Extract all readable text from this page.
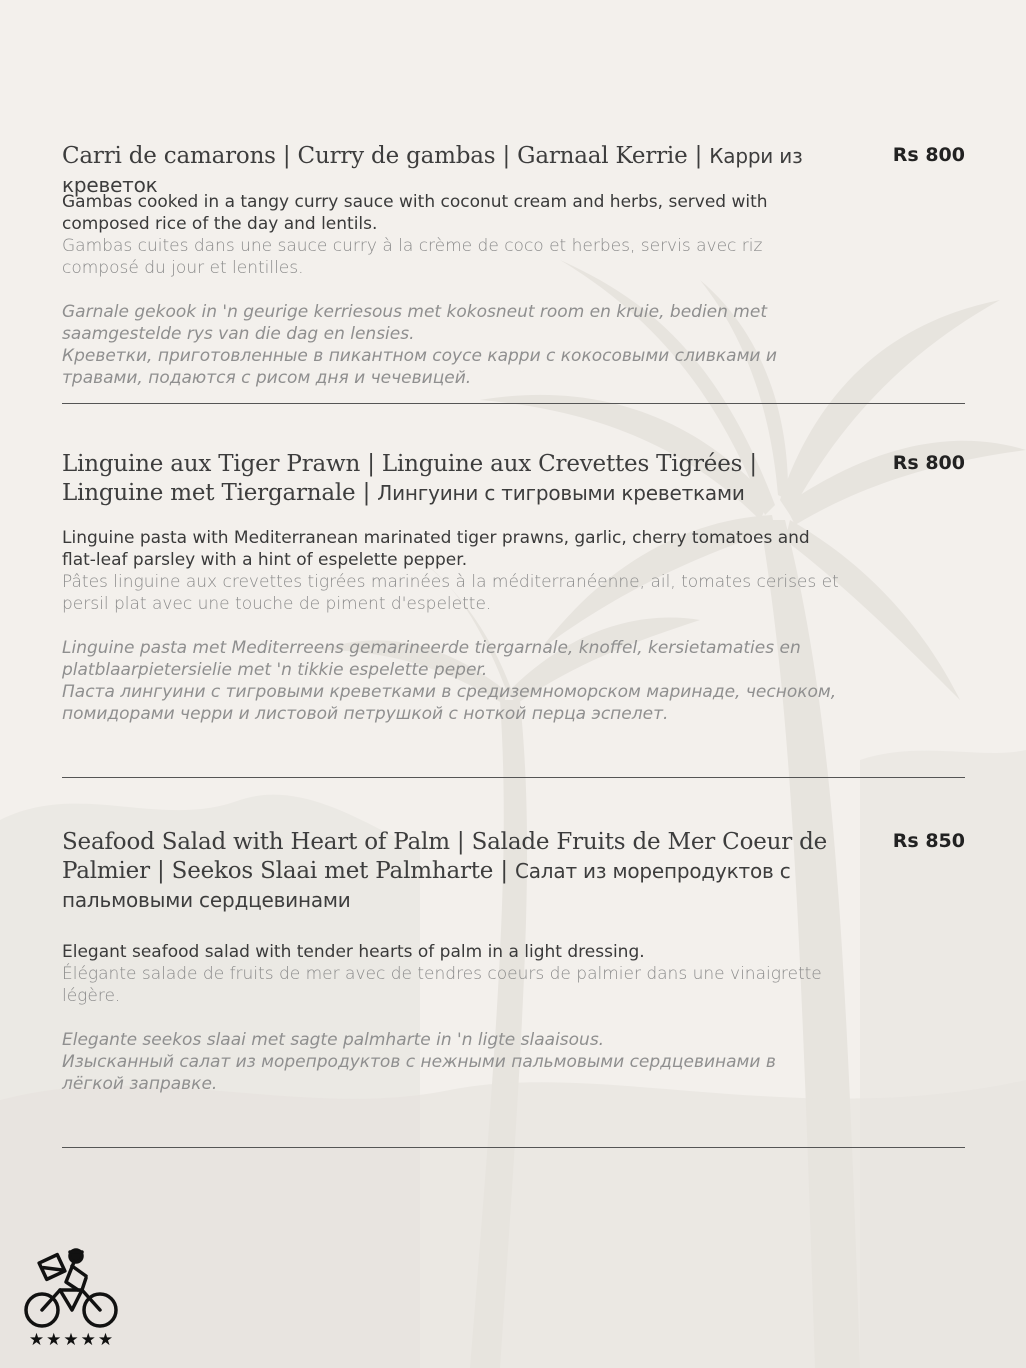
Carri de camarons | Curry de gambas | Garnaal Kerrie | Карри из креветок
Rs 800
Gambas cooked in a tangy curry sauce with coconut cream and herbs, served with composed rice of the day and lentils.
Gambas cuites dans une sauce curry à la crème de coco et herbes, servis avec riz composé du jour et lentilles.
Garnale gekook in 'n geurige kerriesous met kokosneut room en kruie, bedien met saamgestelde rys van die dag en lensies.
Креветки, приготовленные в пикантном соусе карри с кокосовыми сливками и травами, подаются с рисом дня и чечевицей.
Linguine aux Tiger Prawn | Linguine aux Crevettes Tigrées | Linguine met Tiergarnale | Лингуини с тигровыми креветками
Rs 800
Linguine pasta with Mediterranean marinated tiger prawns, garlic, cherry tomatoes and flat-leaf parsley with a hint of espelette pepper.
Pâtes linguine aux crevettes tigrées marinées à la méditerranéenne, ail, tomates cerises et persil plat avec une touche de piment d'espelette.
Linguine pasta met Mediterreens gemarineerde tiergarnale, knoffel, kersietamaties en platblaarpietersielie met 'n tikkie espelette peper.
Паста лингуини с тигровыми креветками в средиземноморском маринаде, чесноком, помидорами черри и листовой петрушкой с ноткой перца эспелет.
Seafood Salad with Heart of Palm | Salade Fruits de Mer Coeur de Palmier | Seekos Slaai met Palmharte | Салат из морепродуктов с пальмовыми сердцевинами
Rs 850
Elegant seafood salad with tender hearts of palm in a light dressing.
Élégante salade de fruits de mer avec de tendres coeurs de palmier dans une vinaigrette légère.
Elegante seekos slaai met sagte palmharte in 'n ligte slaaisous.
Изысканный салат из морепродуктов с нежными пальмовыми сердцевинами в лёгкой заправке.
★★★★★
